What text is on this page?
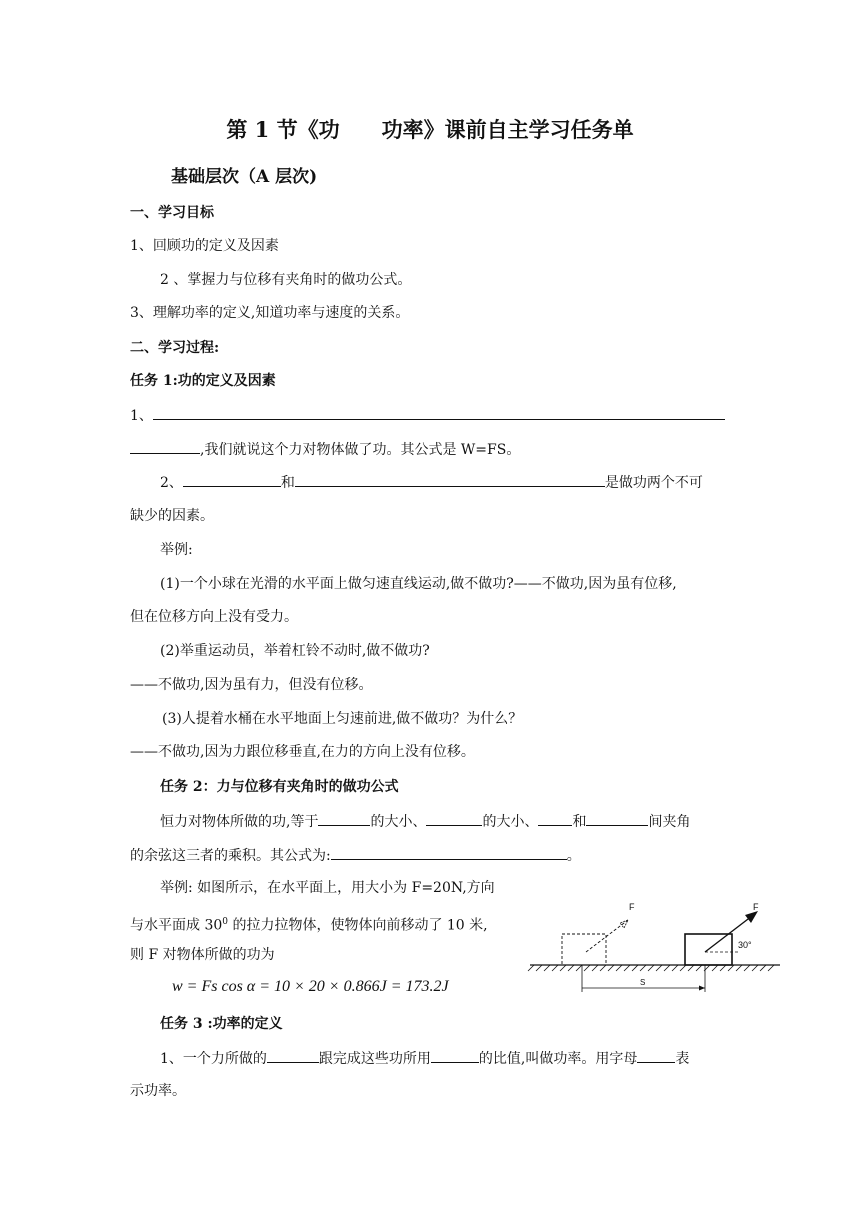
第 1 节《功　　功率》课前自主学习任务单
基础层次（A 层次)
一、学习目标
1、回顾功的定义及因素
2 、掌握力与位移有夹角时的做功公式。
3、理解功率的定义,知道功率与速度的关系。
二、学习过程:
任务 1:功的定义及因素
1、
,我们就说这个力对物体做了功。其公式是 W=FS。
2、	和	是做功两个不可
缺少的因素。
举例:
(1)一个小球在光滑的水平面上做匀速直线运动,做不做功?——不做功,因为虽有位移,
但在位移方向上没有受力。
(2)举重运动员，举着杠铃不动时,做不做功?
——不做功,因为虽有力，但没有位移。
(3)人提着水桶在水平地面上匀速前进,做不做功？为什么？
——不做功,因为力跟位移垂直,在力的方向上没有位移。
任务 2：力与位移有夹角时的做功公式
恒力对物体所做的功,等于	的大小、	的大小、 和	间夹角
的余弦这三者的乘积。其公式为:	。
举例: 如图所示，在水平面上，用大小为 F=20N,方向
与水平面成 $30^0$ 的拉力拉物体，使物体向前移动了 10 米,
则 F 对物体所做的功为
w = Fs cos α = 10 × 20 × 0.866J = 173.2J
F	F
30°
S
任务 3 :功率的定义
1、一个力所做的	跟完成这些功所用	的比值,叫做功率。用字母	表
示功率。
